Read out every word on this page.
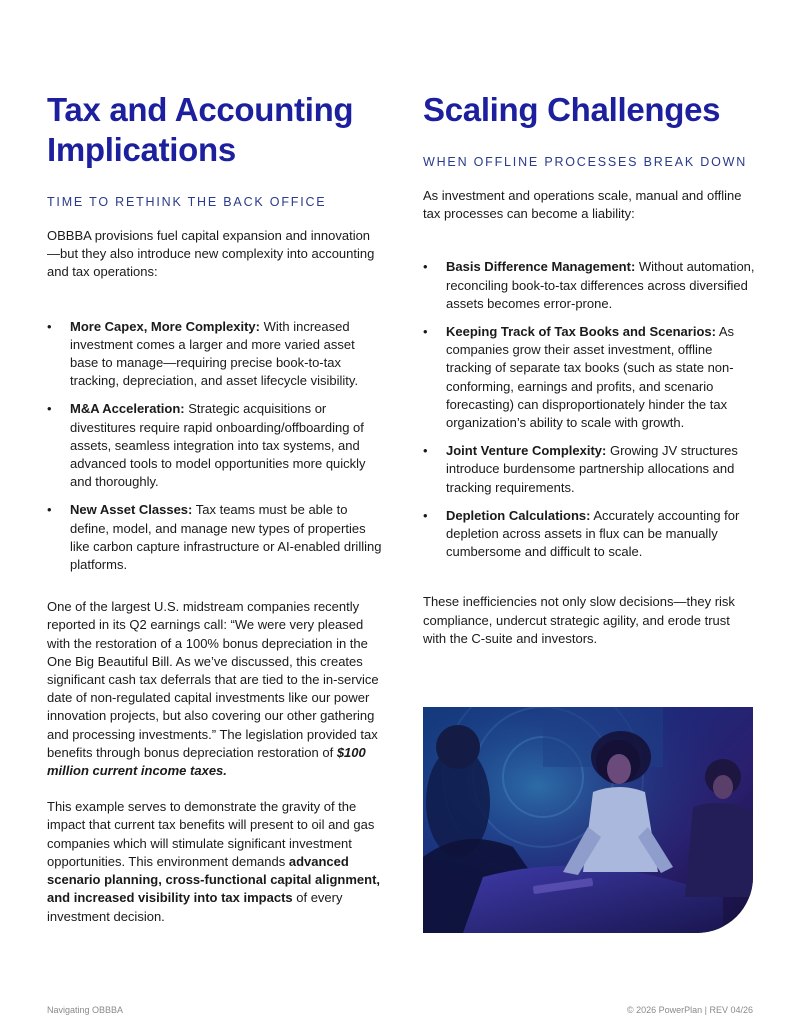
Tax and Accounting Implications
TIME TO RETHINK THE BACK OFFICE

OBBBA provisions fuel capital expansion and innovation—but they also introduce new complexity into accounting and tax operations:

• More Capex, More Complexity: With increased investment comes a larger and more varied asset base to manage—requiring precise book-to-tax tracking, depreciation, and asset lifecycle visibility.
• M&A Acceleration: Strategic acquisitions or divestitures require rapid onboarding/offboarding of assets, seamless integration into tax systems, and advanced tools to model opportunities more quickly and thoroughly.
• New Asset Classes: Tax teams must be able to define, model, and manage new types of properties like carbon capture infrastructure or AI-enabled drilling platforms.

One of the largest U.S. midstream companies recently reported in its Q2 earnings call: “We were very pleased with the restoration of a 100% bonus depreciation in the One Big Beautiful Bill. As we’ve discussed, this creates significant cash tax deferrals that are tied to the in-service date of non-regulated capital investments like our power innovation projects, but also covering our other gathering and processing investments.” The legislation provided tax benefits through bonus depreciation restoration of $100 million current income taxes.

This example serves to demonstrate the gravity of the impact that current tax benefits will present to oil and gas companies which will stimulate significant investment opportunities. This environment demands advanced scenario planning, cross-functional capital alignment, and increased visibility into tax impacts of every investment decision.

Scaling Challenges
WHEN OFFLINE PROCESSES BREAK DOWN

As investment and operations scale, manual and offline tax processes can become a liability:

• Basis Difference Management: Without automation, reconciling book-to-tax differences across diversified assets becomes error-prone.
• Keeping Track of Tax Books and Scenarios: As companies grow their asset investment, offline tracking of separate tax books (such as state non-conforming, earnings and profits, and scenario forecasting) can disproportionately hinder the tax organization’s ability to scale with growth.
• Joint Venture Complexity: Growing JV structures introduce burdensome partnership allocations and tracking requirements.
• Depletion Calculations: Accurately accounting for depletion across assets in flux can be manually cumbersome and difficult to scale.

These inefficiencies not only slow decisions—they risk compliance, undercut strategic agility, and erode trust with the C-suite and investors.

Navigating OBBBA	© 2026 PowerPlan | REV 04/26
